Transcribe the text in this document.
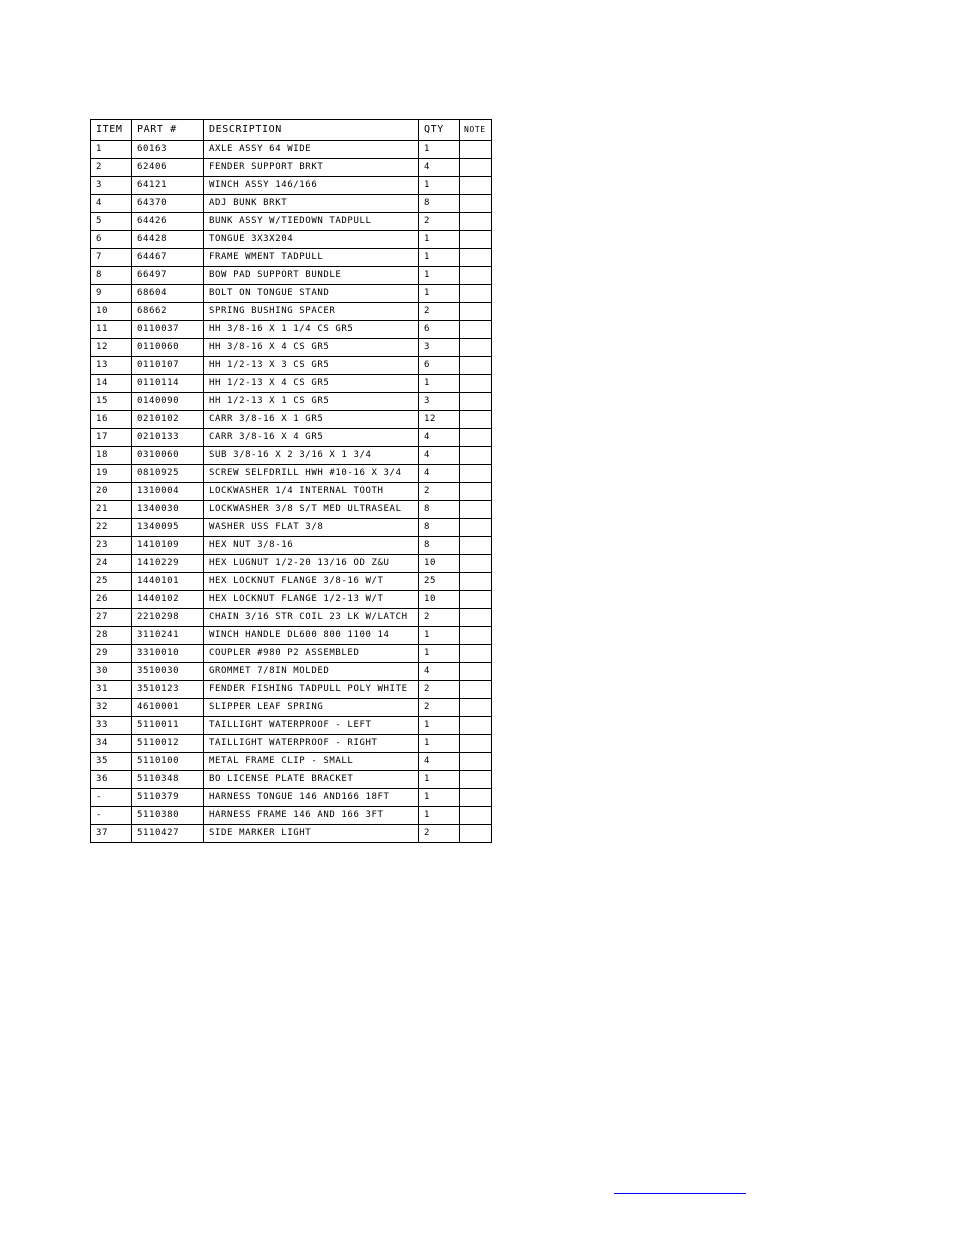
ITEM	PART #	DESCRIPTION	QTY	NOTE
1	60163	AXLE ASSY 64 WIDE	1	
2	62406	FENDER SUPPORT BRKT	4	
3	64121	WINCH ASSY 146/166	1	
4	64370	ADJ BUNK BRKT	8	
5	64426	BUNK ASSY W/TIEDOWN TADPULL	2	
6	64428	TONGUE 3X3X204	1	
7	64467	FRAME WMENT TADPULL	1	
8	66497	BOW PAD SUPPORT BUNDLE	1	
9	68604	BOLT ON TONGUE STAND	1	
10	68662	SPRING BUSHING SPACER	2	
11	0110037	HH 3/8-16 X 1 1/4 CS GR5	6	
12	0110060	HH 3/8-16 X 4 CS GR5	3	
13	0110107	HH 1/2-13 X 3 CS GR5	6	
14	0110114	HH 1/2-13 X 4 CS GR5	1	
15	0140090	HH 1/2-13 X 1 CS GR5	3	
16	0210102	CARR 3/8-16 X 1 GR5	12	
17	0210133	CARR 3/8-16 X 4 GR5	4	
18	0310060	SUB 3/8-16 X 2 3/16 X 1 3/4	4	
19	0810925	SCREW SELFDRILL HWH #10-16 X 3/4	4	
20	1310004	LOCKWASHER 1/4 INTERNAL TOOTH	2	
21	1340030	LOCKWASHER 3/8 S/T MED ULTRASEAL	8	
22	1340095	WASHER USS FLAT 3/8	8	
23	1410109	HEX NUT 3/8-16	8	
24	1410229	HEX LUGNUT 1/2-20 13/16 OD Z&U	10	
25	1440101	HEX LOCKNUT FLANGE 3/8-16 W/T	25	
26	1440102	HEX LOCKNUT FLANGE 1/2-13 W/T	10	
27	2210298	CHAIN 3/16 STR COIL 23 LK W/LATCH	2	
28	3110241	WINCH HANDLE DL600 800 1100 14	1	
29	3310010	COUPLER #980 P2 ASSEMBLED	1	
30	3510030	GROMMET 7/8IN MOLDED	4	
31	3510123	FENDER FISHING TADPULL POLY WHITE	2	
32	4610001	SLIPPER LEAF SPRING	2	
33	5110011	TAILLIGHT WATERPROOF - LEFT	1	
34	5110012	TAILLIGHT WATERPROOF - RIGHT	1	
35	5110100	METAL FRAME CLIP - SMALL	4	
36	5110348	BO LICENSE PLATE BRACKET	1	
-	5110379	HARNESS TONGUE 146 AND166 18FT	1	
-	5110380	HARNESS FRAME 146 AND 166 3FT	1	
37	5110427	SIDE MARKER LIGHT	2	
